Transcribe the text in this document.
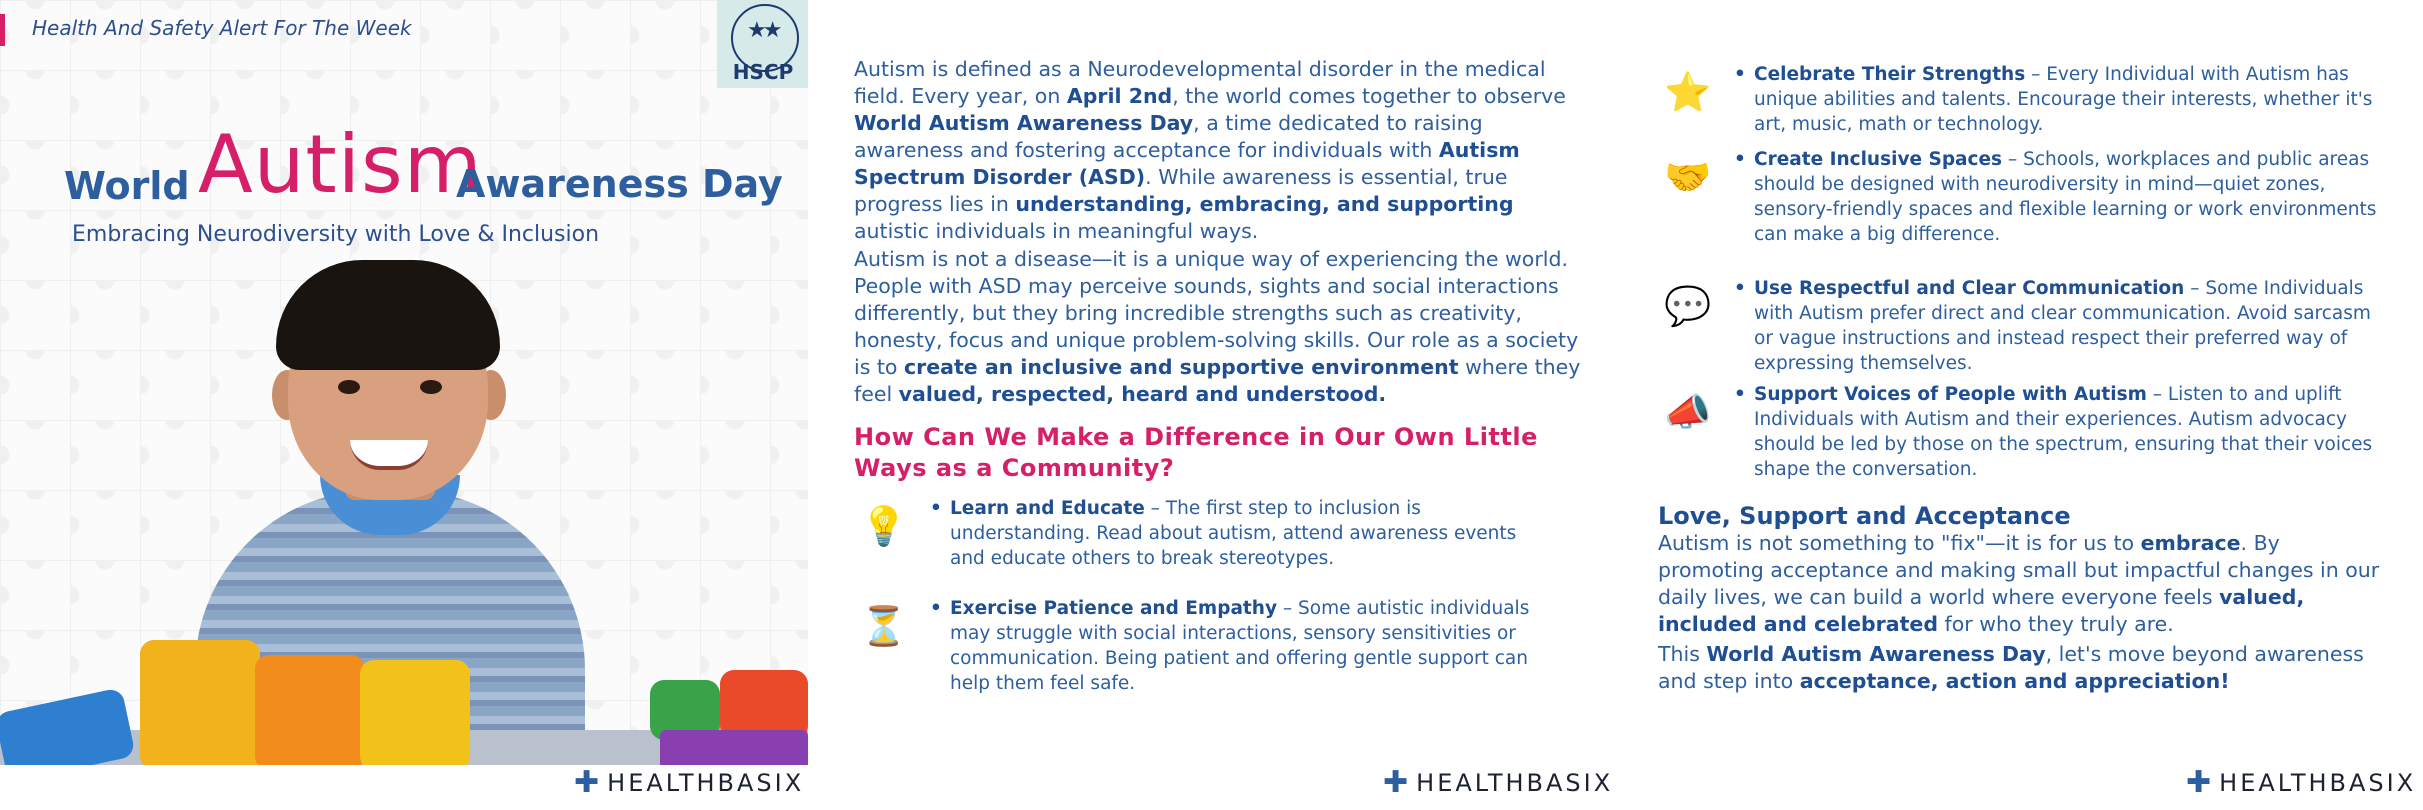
Health And Safety Alert For The Week	★★
HSCP
World Autism
Awareness Day
Embracing Neurodiversity with Love & Inclusion
✚ HEALTHBASIX

Autism is defined as a Neurodevelopmental disorder in the medical field. Every year, on April 2nd, the world comes together to observe World Autism Awareness Day, a time dedicated to raising awareness and fostering acceptance for individuals with Autism Spectrum Disorder (ASD). While awareness is essential, true progress lies in understanding, embracing, and supporting autistic individuals in meaningful ways.

Autism is not a disease—it is a unique way of experiencing the world. People with ASD may perceive sounds, sights and social interactions differently, but they bring incredible strengths such as creativity, honesty, focus and unique problem-solving skills. Our role as a society is to create an inclusive and supportive environment where they feel valued, respected, heard and understood.

How Can We Make a Difference in Our Own Little Ways as a Community?

💡	• Learn and Educate – The first step to inclusion is understanding. Read about autism, attend awareness events and educate others to break stereotypes.
⏳	• Exercise Patience and Empathy – Some autistic individuals may struggle with social interactions, sensory sensitivities or communication. Being patient and offering gentle support can help them feel safe.
✚ HEALTHBASIX
⭐	• Celebrate Their Strengths – Every Individual with Autism has unique abilities and talents. Encourage their interests, whether it's art, music, math or technology.
🤝	• Create Inclusive Spaces – Schools, workplaces and public areas should be designed with neurodiversity in mind—quiet zones, sensory-friendly spaces and flexible learning or work environments can make a big difference.
💬	• Use Respectful and Clear Communication – Some Individuals with Autism prefer direct and clear communication. Avoid sarcasm or vague instructions and instead respect their preferred way of expressing themselves.
📣	• Support Voices of People with Autism – Listen to and uplift Individuals with Autism and their experiences. Autism advocacy should be led by those on the spectrum, ensuring that their voices shape the conversation.

Love, Support and Acceptance

Autism is not something to "fix"—it is for us to embrace. By promoting acceptance and making small but impactful changes in our daily lives, we can build a world where everyone feels valued, included and celebrated for who they truly are.

This World Autism Awareness Day, let's move beyond awareness and step into acceptance, action and appreciation!

✚ HEALTHBASIX
